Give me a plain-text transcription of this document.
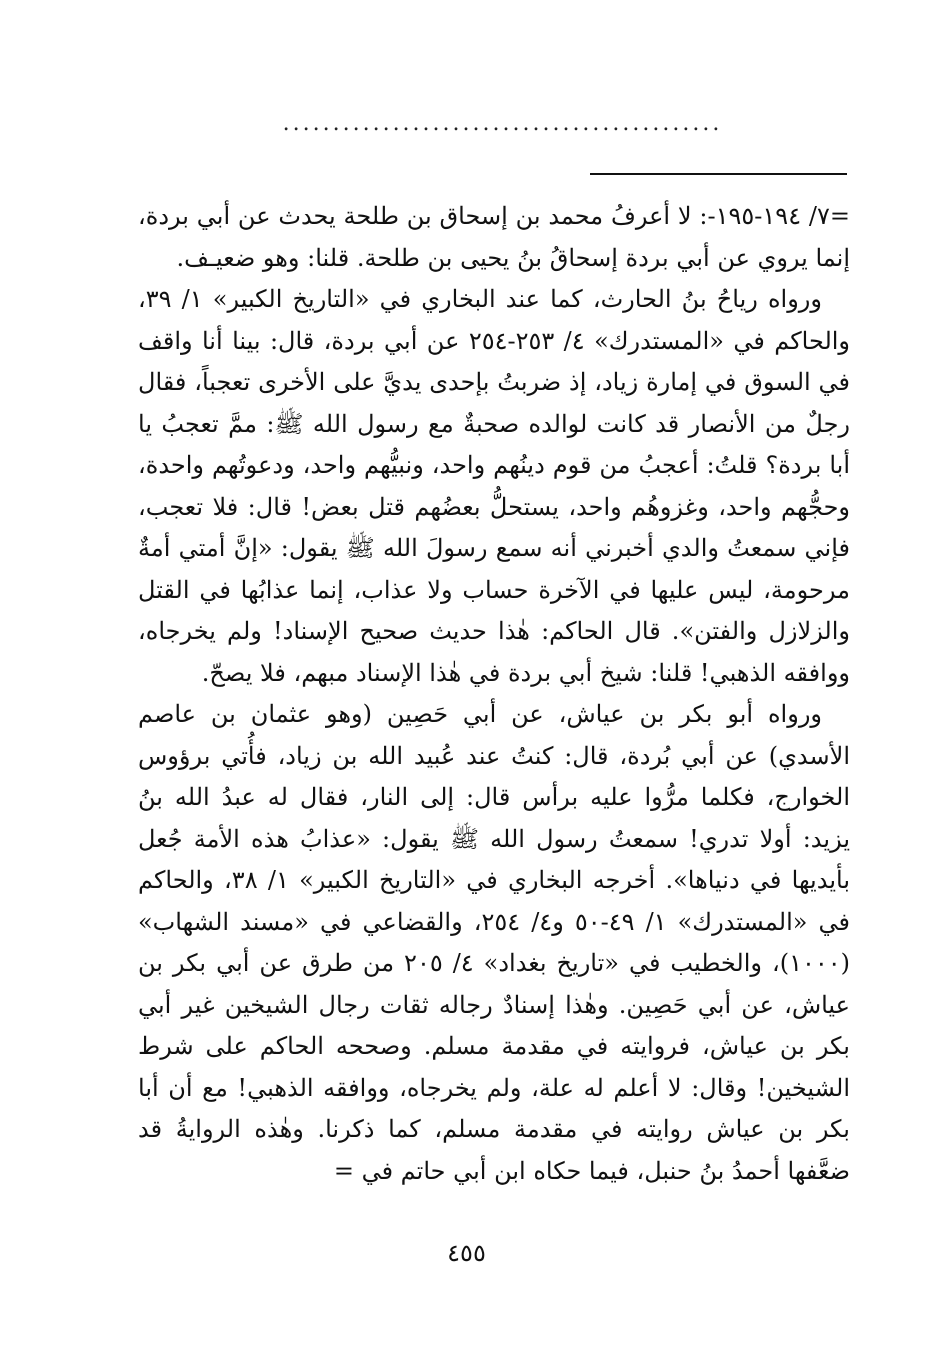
............................................

=٧/ ١٩٤-١٩٥-: لا أعرفُ محمد بن إسحاق بن طلحة يحدث عن أبي بردة، إنما يروي عن أبي بردة إسحاقُ بنُ يحيى بن طلحة. قلنا: وهو ضعيـف.

ورواه رياحُ بنُ الحارث، كما عند البخاري في «التاريخ الكبير» ١/ ٣٩، والحاكم في «المستدرك» ٤/ ٢٥٣-٢٥٤ عن أبي بردة، قال: بينا أنا واقف في السوق في إمارة زياد، إذ ضربتُ بإحدى يديَّ على الأخرى تعجباً، فقال رجلٌ من الأنصار قد كانت لوالده صحبةٌ مع رسول الله ﷺ: ممَّ تعجبُ يا أبا بردة؟ قلتُ: أعجبُ من قوم دينُهم واحد، ونبيُّهم واحد، ودعوتُهم واحدة، وحجُّهم واحد، وغزوهُم واحد، يستحلُّ بعضُهم قتل بعض! قال: فلا تعجب، فإني سمعتُ والدي أخبرني أنه سمع رسولَ الله ﷺ يقول: «إنَّ أمتي أمةٌ مرحومة، ليس عليها في الآخرة حساب ولا عذاب، إنما عذابُها في القتل والزلازل والفتن». قال الحاكم: هٰذا حديث صحيح الإسناد! ولم يخرجاه، ووافقه الذهبي! قلنا: شيخ أبي بردة في هٰذا الإسناد مبهم، فلا يصحّ.

ورواه أبو بكر بن عياش، عن أبي حَصِين (وهو عثمان بن عاصم الأسدي) عن أبي بُردة، قال: كنتُ عند عُبيد الله بن زياد، فأُتي برؤوس الخوارج، فكلما مرُّوا عليه برأس قال: إلى النار، فقال له عبدُ الله بنُ يزيد: أولا تدري! سمعتُ رسول الله ﷺ يقول: «عذابُ هذه الأمة جُعل بأيديها في دنياها». أخرجه البخاري في «التاريخ الكبير» ١/ ٣٨، والحاكم في «المستدرك» ١/ ٤٩-٥٠ و٤/ ٢٥٤، والقضاعي في «مسند الشهاب» (١٠٠٠)، والخطيب في «تاريخ بغداد» ٤/ ٢٠٥ من طرق عن أبي بكر بن عياش، عن أبي حَصِين. وهٰذا إسنادٌ رجاله ثقات رجال الشيخين غير أبي بكر بن عياش، فروايته في مقدمة مسلم. وصححه الحاكم على شرط الشيخين! وقال: لا أعلم له علة، ولم يخرجاه، ووافقه الذهبي! مع أن أبا بكر بن عياش روايته في مقدمة مسلم، كما ذكرنا. وهٰذه الروايةُ قد ضعَّفها أحمدُ بنُ حنبل، فيما حكاه ابن أبي حاتم في =

٤٥٥
